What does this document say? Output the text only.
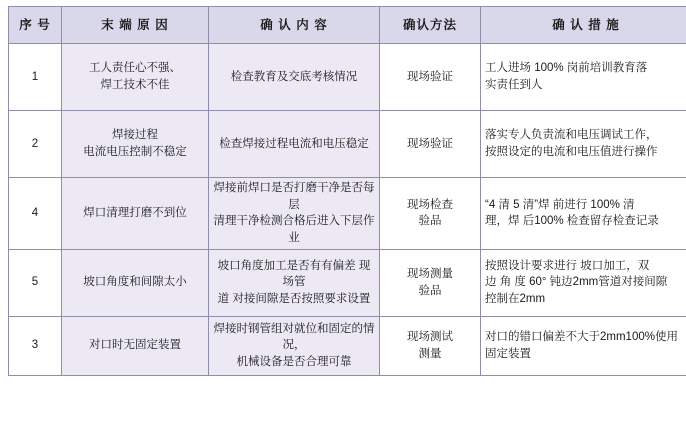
序 号	末 端 原 因	确 认 内 容	确认方法	确 认 措 施
1	工人责任心不强、
焊工技术不佳	检查教育及交底考核情况	现场验证	工人进场 100% 岗前培训教育落
实责任到人

2	焊接过程
电流电压控制不稳定	检查焊接过程电流和电压稳定	现场验证	落实专人负责流和电压调试工作，
按照设定的电流和电压值进行操作

4	焊口清理打磨不到位	焊接前焊口是否打磨干净是否每层
清理干净检测合格后进入下层作业	现场检查
验品	“4 清 5 清”焊 前进行 100% 清
理，焊 后100% 检查留存检查记录

5	坡口角度和间隙太小	坡口角度加工是否有有偏差 现场管
道 对接间隙是否按照要求设置	现场测量
验品	按照设计要求进行 坡口加工，双
边 角 度 60° 钝边2mm管道对接间隙
控制在2mm

3	对口时无固定装置	焊接时钢管组对就位和固定的情况，
机械设备是否合理可靠	现场测试
测量	对口的错口偏差不大于2mm100%使用
固定装置
